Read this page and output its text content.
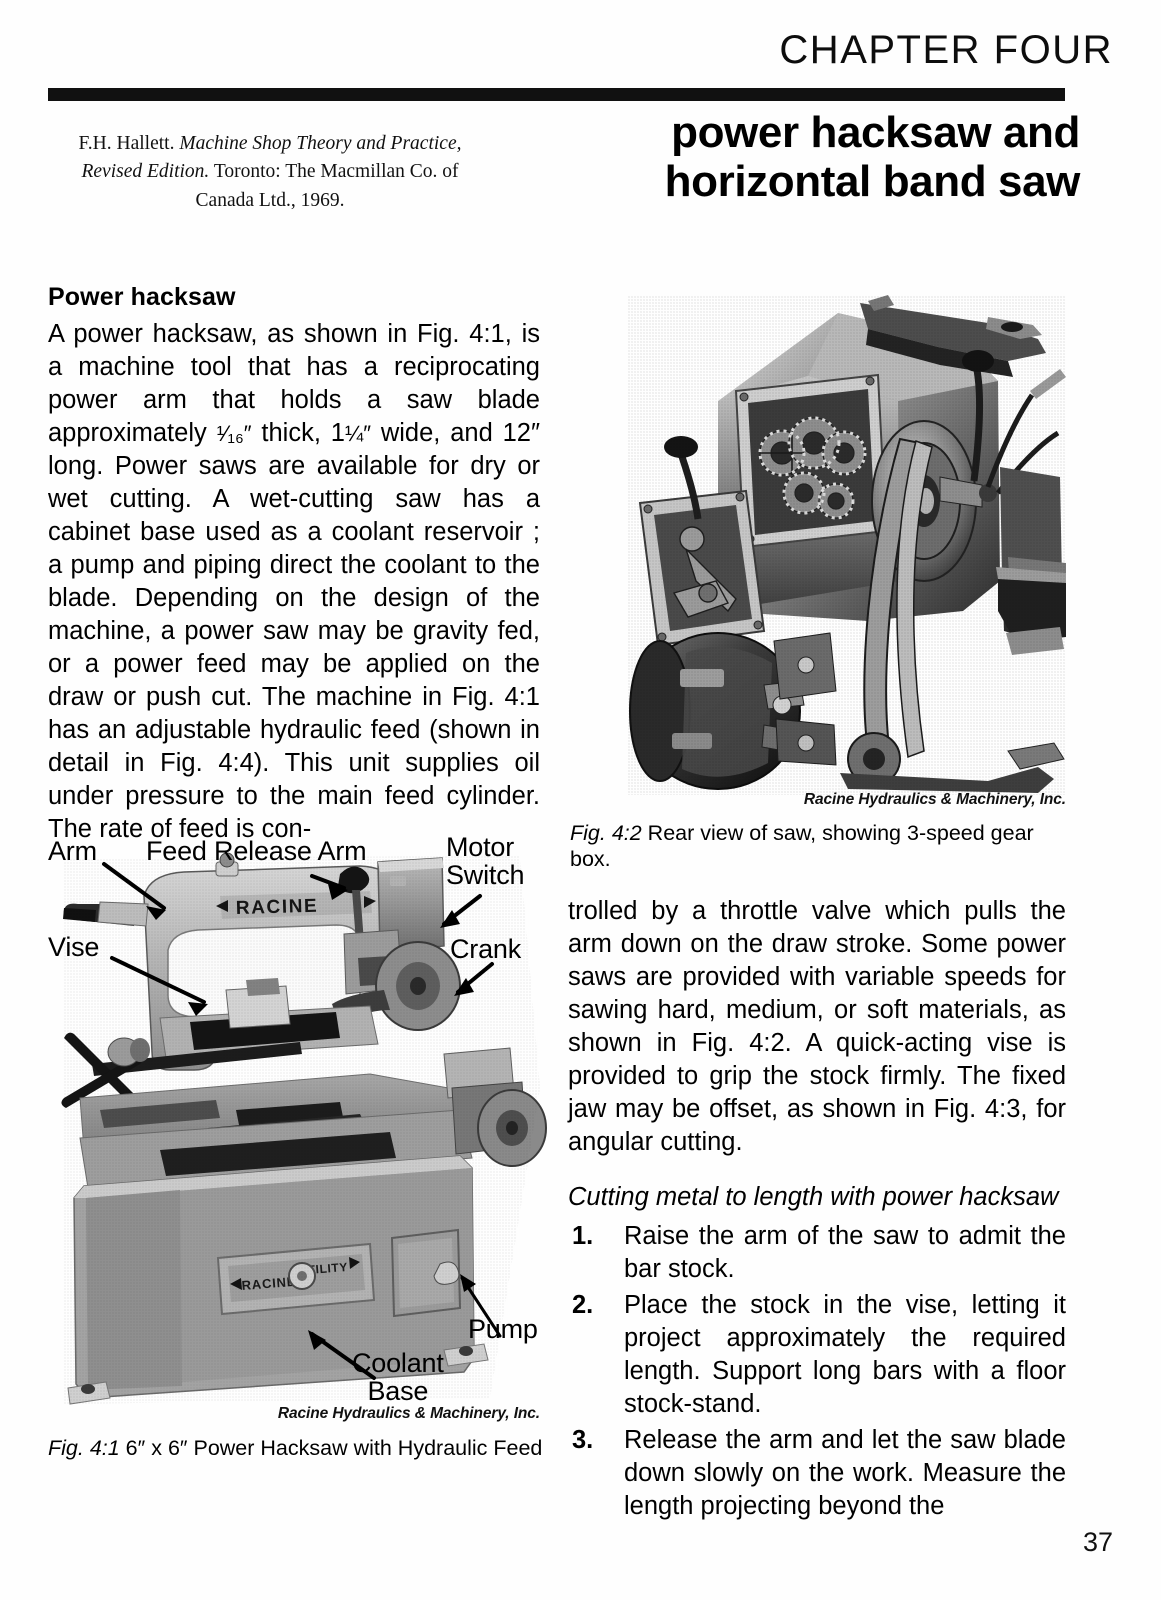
CHAPTER FOUR
F.H. Hallett. Machine Shop Theory and Practice,
Revised Edition. Toronto: The Macmillan Co. of
Canada Ltd., 1969.
power hacksaw and
horizontal band saw
Power hacksaw

A power hacksaw, as shown in Fig. 4:1, is a machine tool that has a reciprocating power arm that holds a saw blade approximately ¹⁄₁₆″ thick, 1¼″ wide, and 12″ long. Power saws are available for dry or wet cutting. A wet-cutting saw has a cabinet base used as a coolant reservoir ; a pump and piping direct the coolant to the blade. Depending on the design of the machine, a power saw may be gravity fed, or a power feed may be applied on the draw or push cut. The machine in Fig. 4:1 has an adjustable hydraulic feed (shown in detail in Fig. 4:4). This unit supplies oil under pressure to the main feed cylinder. The rate of feed is con-

Racine Hydraulics & Machinery, Inc.
Fig. 4:2 Rear view of saw, showing 3-speed gear box.

trolled by a throttle valve which pulls the arm down on the draw stroke. Some power saws are provided with variable speeds for sawing hard, medium, or soft materials, as shown in Fig. 4:2. A quick-acting vise is provided to grip the stock firmly. The fixed jaw may be offset, as shown in Fig. 4:3, for angular cutting.

Cutting metal to length with power hacksaw

1.	Raise the arm of the saw to admit the bar stock.
2.	Place the stock in the vise, letting it project approximately the required length. Support long bars with a floor stock-stand.
3.	Release the arm and let the saw blade down slowly on the work. Measure the length projecting beyond the
Arm Feed Release Arm	Motor
Switch
Vise	Crank
Pump
Coolant
Base
Racine Hydraulics & Machinery, Inc.
Fig. 4:1 6″ x 6″ Power Hacksaw with Hydraulic Feed
37
